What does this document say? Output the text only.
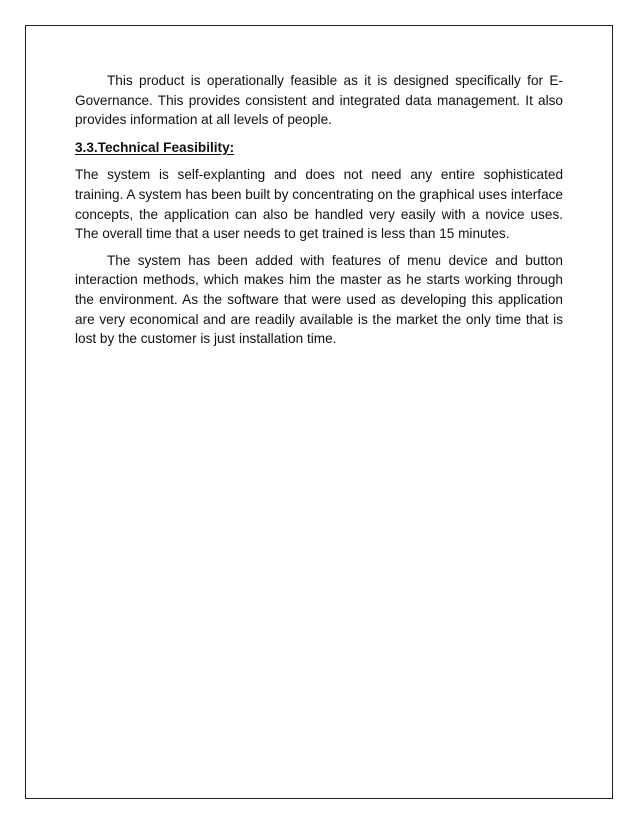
This product is operationally feasible as it is designed specifically for E-Governance. This provides consistent and integrated data management. It also provides information at all levels of people.

3.3.Technical Feasibility:

The system is self-explanting and does not need any entire sophisticated training. A system has been built by concentrating on the graphical uses interface concepts, the application can also be handled very easily with a novice uses. The overall time that a user needs to get trained is less than 15 minutes.

The system has been added with features of menu device and button interaction methods, which makes him the master as he starts working through the environment. As the software that were used as developing this application are very economical and are readily available is the market the only time that is lost by the customer is just installation time.
